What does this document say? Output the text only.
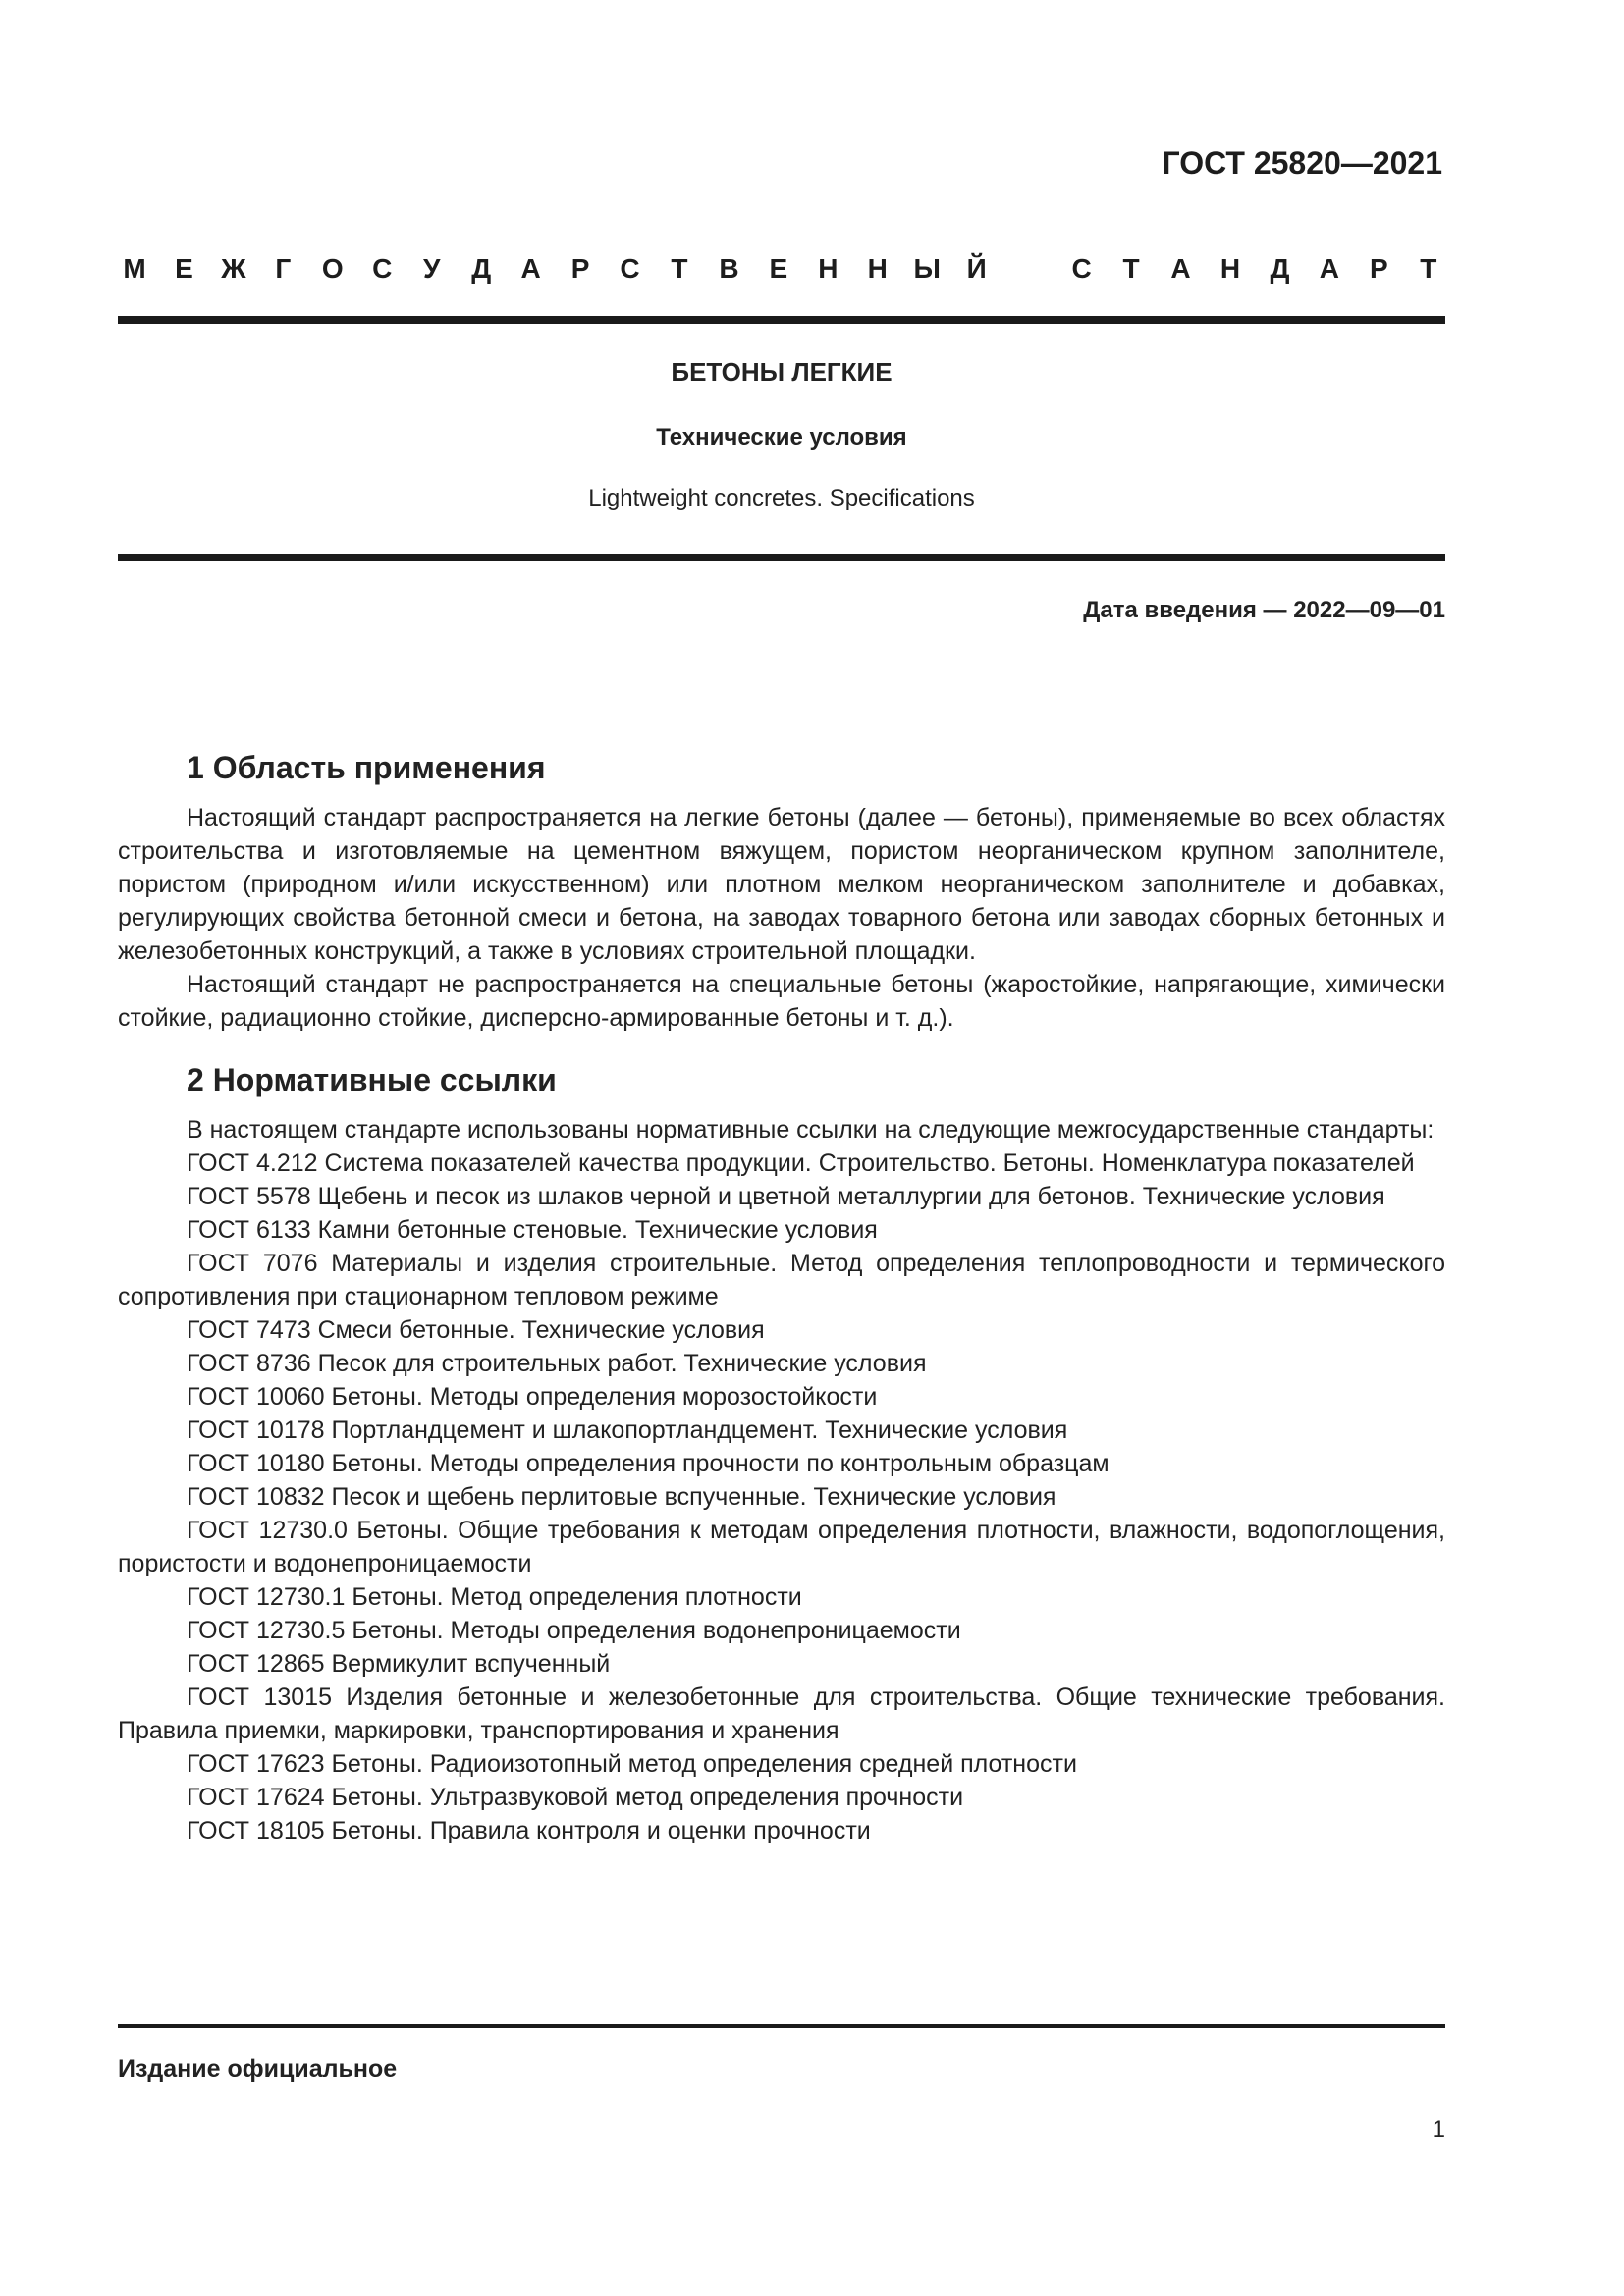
ГОСТ 25820—2021
М Е Ж	Г	О С У Д А Р С	Т	В Е Н Н Ы Й
	С	Т	А Н Д А Р	Т
БЕТОНЫ ЛЕГКИЕ
Технические условия
Lightweight concretes. Specifications
Дата введения — 2022—09—01
1 Область применения

Настоящий стандарт распространяется на легкие бетоны (далее — бетоны), применяемые во всех областях строительства и изготовляемые на цементном вяжущем, пористом неорганическом крупном заполнителе, пористом (природном и/или искусственном) или плотном мелком неорганическом заполнителе и добавках, регулирующих свойства бетонной смеси и бетона, на заводах товарного бетона или заводах сборных бетонных и железобетонных конструкций, а также в условиях строительной площадки.

Настоящий стандарт не распространяется на специальные бетоны (жаростойкие, напрягающие, химически стойкие, радиационно стойкие, дисперсно-армированные бетоны и т. д.).

2 Нормативные ссылки

В настоящем стандарте использованы нормативные ссылки на следующие межгосударственные стандарты:

ГОСТ 4.212 Система показателей качества продукции. Строительство. Бетоны. Номенклатура показателей
ГОСТ 5578 Щебень и песок из шлаков черной и цветной металлургии для бетонов. Технические условия
ГОСТ 6133 Камни бетонные стеновые. Технические условия
ГОСТ 7076 Материалы и изделия строительные. Метод определения теплопроводности и термического сопротивления при стационарном тепловом режиме
ГОСТ 7473 Смеси бетонные. Технические условия
ГОСТ 8736 Песок для строительных работ. Технические условия
ГОСТ 10060 Бетоны. Методы определения морозостойкости
ГОСТ 10178 Портландцемент и шлакопортландцемент. Технические условия
ГОСТ 10180 Бетоны. Методы определения прочности по контрольным образцам
ГОСТ 10832 Песок и щебень перлитовые вспученные. Технические условия
ГОСТ 12730.0 Бетоны. Общие требования к методам определения плотности, влажности, водопоглощения, пористости и водонепроницаемости
ГОСТ 12730.1 Бетоны. Метод определения плотности
ГОСТ 12730.5 Бетоны. Методы определения водонепроницаемости
ГОСТ 12865 Вермикулит вспученный
ГОСТ 13015 Изделия бетонные и железобетонные для строительства. Общие технические требования. Правила приемки, маркировки, транспортирования и хранения
ГОСТ 17623 Бетоны. Радиоизотопный метод определения средней плотности
ГОСТ 17624 Бетоны. Ультразвуковой метод определения прочности
ГОСТ 18105 Бетоны. Правила контроля и оценки прочности
Издание официальное
1
